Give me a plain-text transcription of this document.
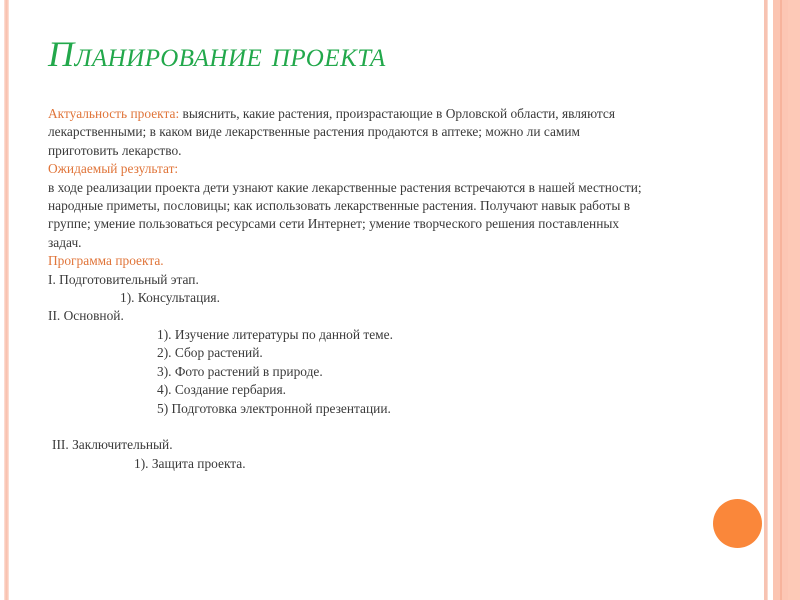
Планирование проекта
Актуальность проекта: выяснить, какие растения, произрастающие в Орловской области, являются
лекарственными; в каком виде лекарственные растения продаются в аптеке; можно ли самим
приготовить лекарство.
Ожидаемый результат:
в ходе реализации проекта дети узнают какие лекарственные растения встречаются в нашей местности;
народные приметы, пословицы; как использовать лекарственные растения. Получают навык работы в
группе; умение пользоваться ресурсами сети Интернет; умение творческого решения поставленных
задач.
Программа проекта.
I. Подготовительный этап.
1). Консультация.
II. Основной.
1). Изучение литературы по данной теме.
2). Сбор растений.
3). Фото растений в природе.
4). Создание гербария.
5) Подготовка электронной презентации.
III. Заключительный.
1). Защита проекта.
